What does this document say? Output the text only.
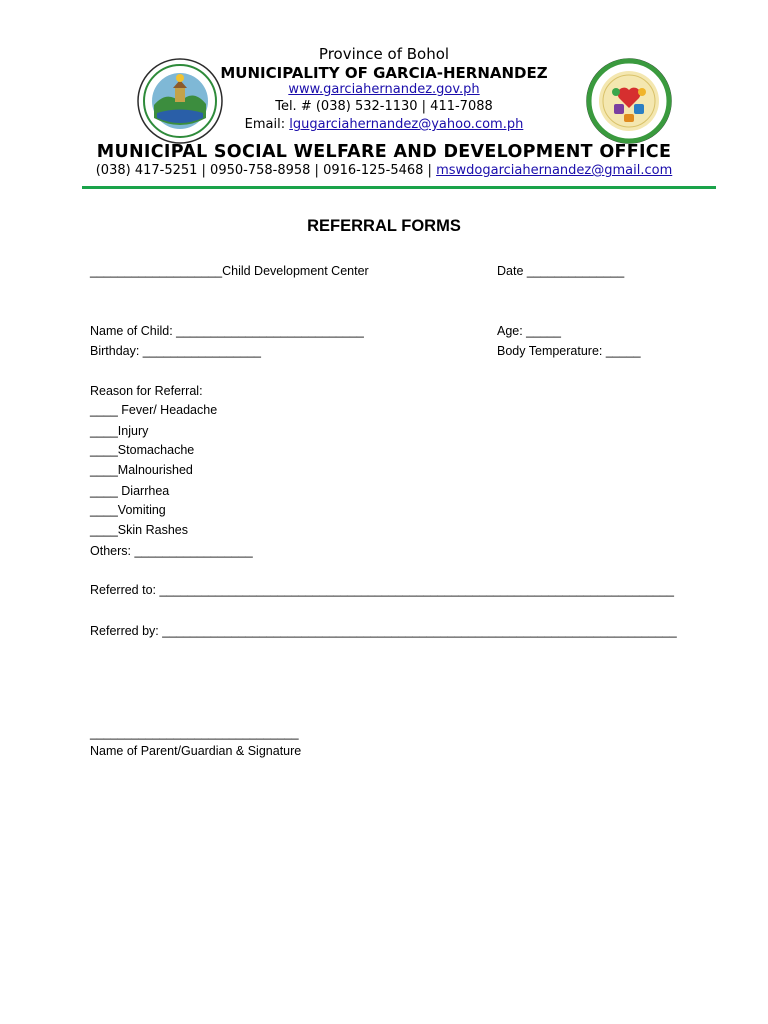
Province of Bohol
MUNICIPALITY OF GARCIA-HERNANDEZ
www.garciahernandez.gov.ph
Tel. # (038) 532-1130 | 411-7088
Email: lgugarciahernandez@yahoo.com.ph
MUNICIPAL SOCIAL WELFARE AND DEVELOPMENT OFFICE
(038) 417-5251 | 0950-758-8958 | 0916-125-5468 | mswdogarciahernandez@gmail.com
REFERRAL FORMS
___________________Child Development Center	Date ______________
Name of Child: ___________________________	Age: _____
Birthday: _________________	Body Temperature: _____
Reason for Referral:
____ Fever/ Headache
____Injury
____Stomachache
____Malnourished
____ Diarrhea
____Vomiting
____Skin Rashes
Others: _________________
Referred to: __________________________________________________________________________
Referred by: __________________________________________________________________________
______________________________
Name of Parent/Guardian & Signature
